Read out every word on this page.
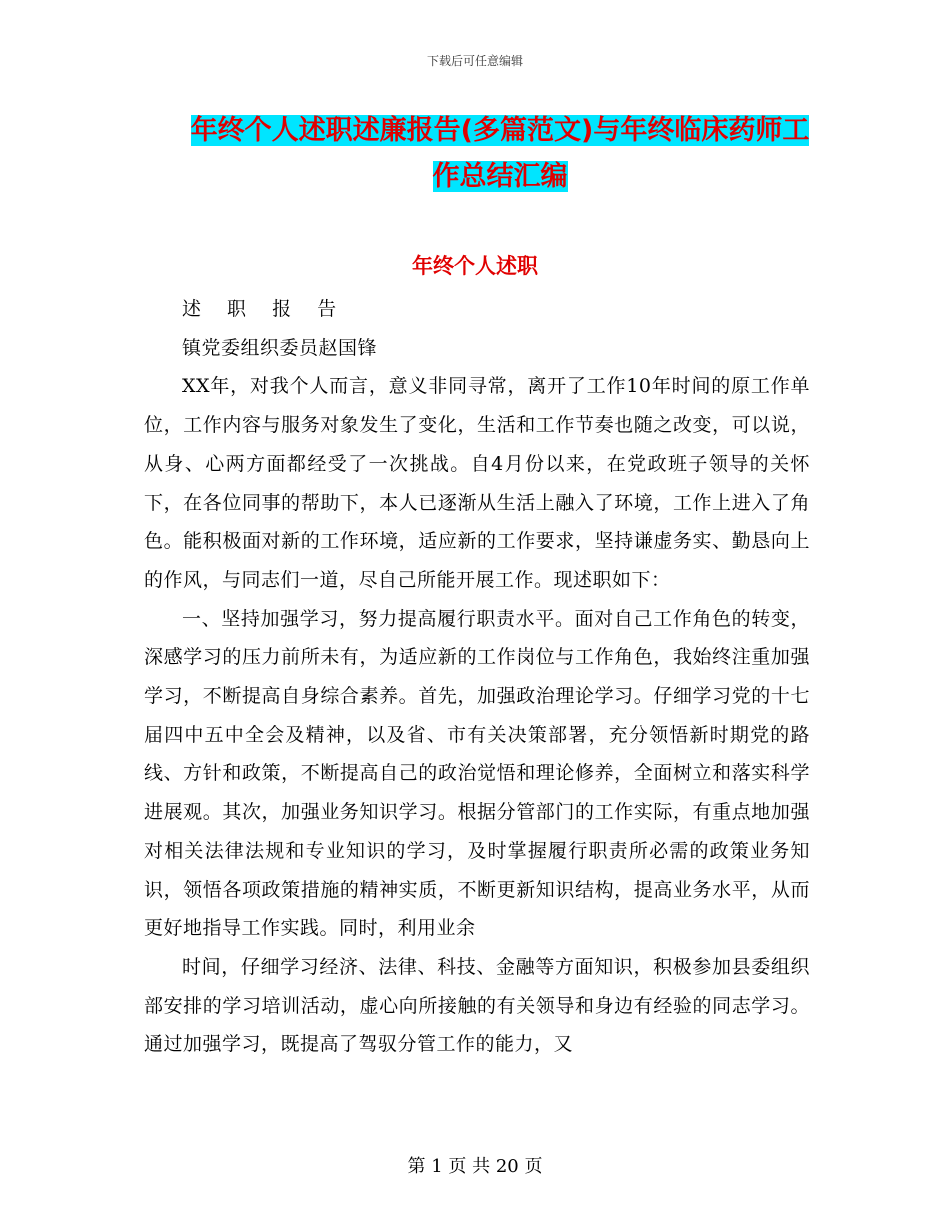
下载后可任意编辑
年终个人述职述廉报告(多篇范文)与年终临床药师工
作总结汇编
年终个人述职

述 职 报 告

镇党委组织委员赵国锋

XX年，对我个人而言，意义非同寻常，离开了工作10年时间的原工作单位，工作内容与服务对象发生了变化，生活和工作节奏也随之改变，可以说，从身、心两方面都经受了一次挑战。自4月份以来，在党政班子领导的关怀下，在各位同事的帮助下，本人已逐渐从生活上融入了环境，工作上进入了角色。能积极面对新的工作环境，适应新的工作要求，坚持谦虚务实、勤恳向上的作风，与同志们一道，尽自己所能开展工作。现述职如下：

一、坚持加强学习，努力提高履行职责水平。面对自己工作角色的转变，深感学习的压力前所未有，为适应新的工作岗位与工作角色，我始终注重加强学习，不断提高自身综合素养。首先，加强政治理论学习。仔细学习党的十七届四中五中全会及精神，以及省、市有关决策部署，充分领悟新时期党的路线、方针和政策，不断提高自己的政治觉悟和理论修养，全面树立和落实科学进展观。其次，加强业务知识学习。根据分管部门的工作实际，有重点地加强对相关法律法规和专业知识的学习，及时掌握履行职责所必需的政策业务知识，领悟各项政策措施的精神实质，不断更新知识结构，提高业务水平，从而更好地指导工作实践。同时，利用业余

时间，仔细学习经济、法律、科技、金融等方面知识，积极参加县委组织部安排的学习培训活动，虚心向所接触的有关领导和身边有经验的同志学习。通过加强学习，既提高了驾驭分管工作的能力，又

第 1 页 共 20 页
